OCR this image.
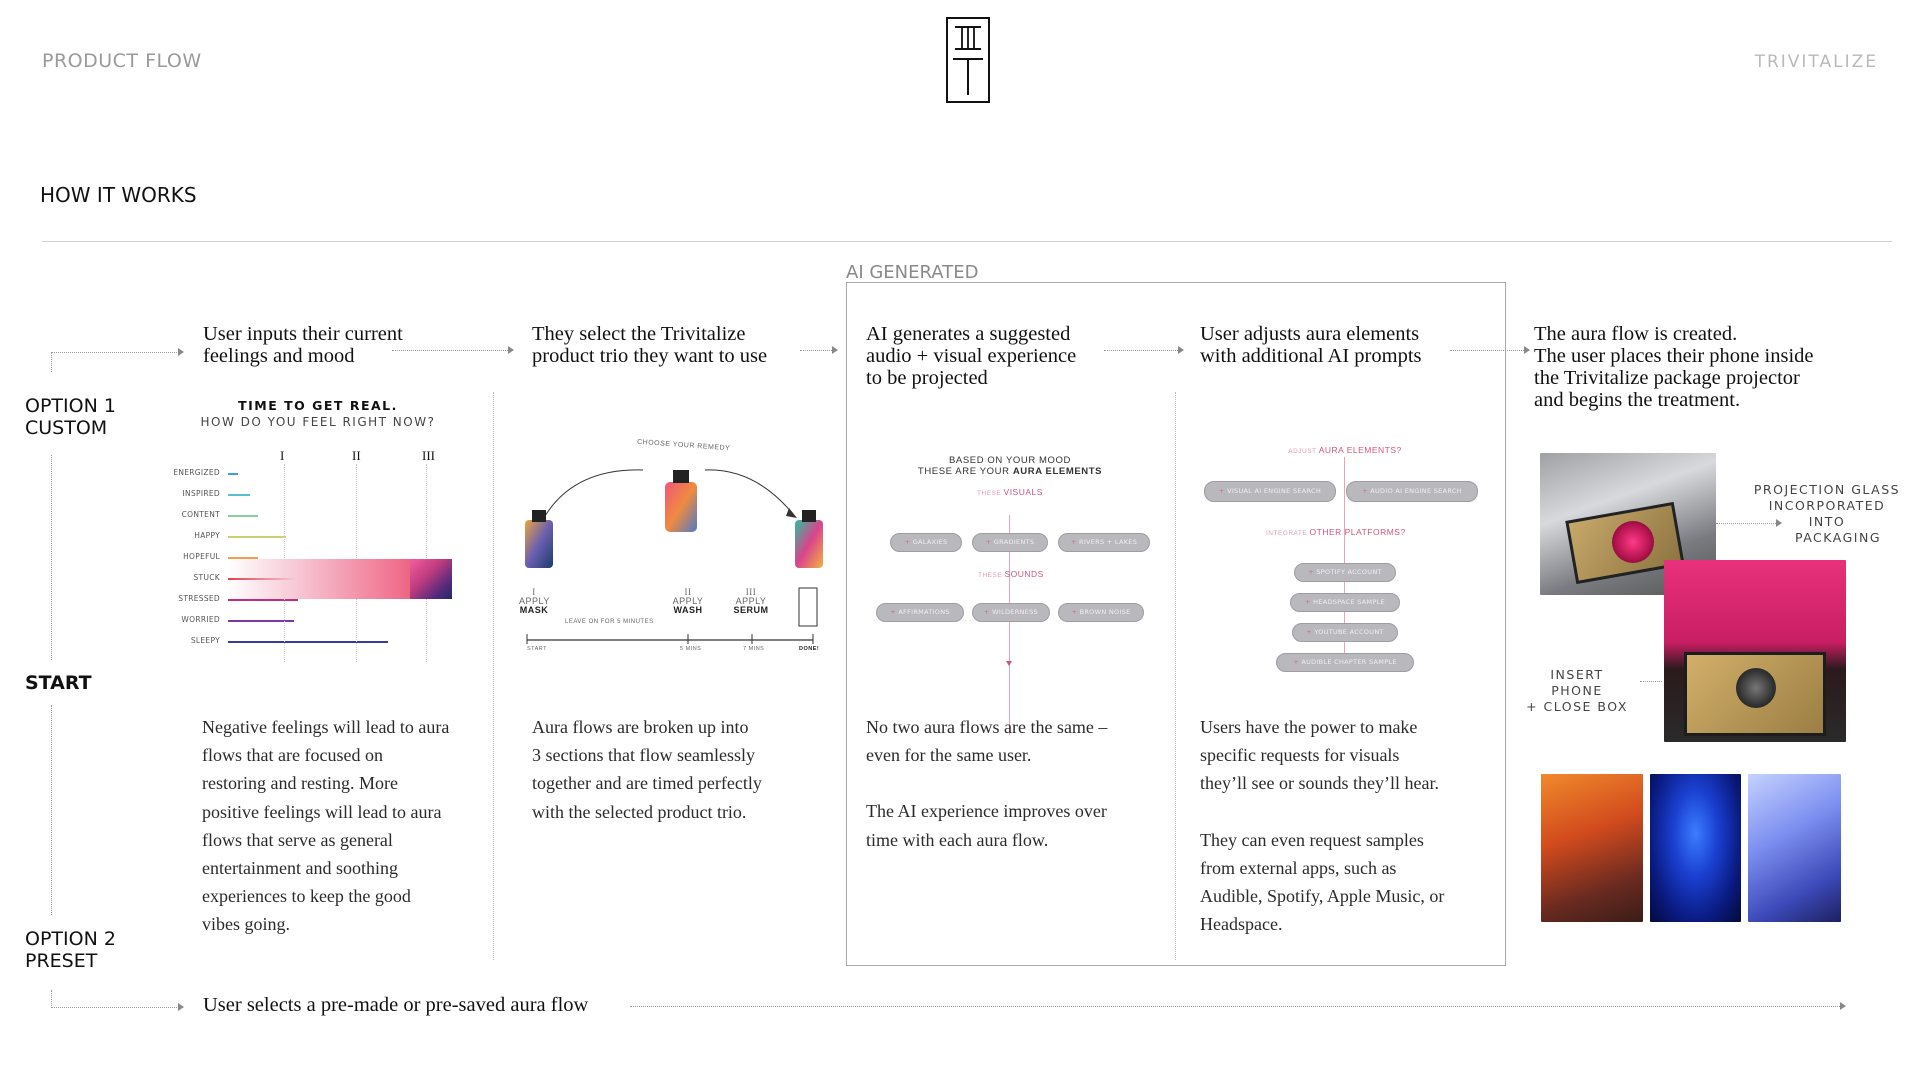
PRODUCT FLOW	TRIVITALIZE
HOW IT WORKS
AI GENERATED
OPTION 1
CUSTOM
START
OPTION 2
PRESET
User inputs their current
feelings and mood
They select the Trivitalize
product trio they want to use
AI generates a suggested
audio + visual experience
to be projected
User adjusts aura elements
with additional AI prompts
The aura flow is created.
The user places their phone inside
the Trivitalize package projector
and begins the treatment.
TIME TO GET REAL.
HOW DO YOU FEEL RIGHT NOW?
I	II	III
ENERGIZED
INSPIRED
CONTENT
HAPPY
HOPEFUL
STUCK
STRESSED
WORRIED
SLEEPY
CHOOSE YOUR REMEDY
I
APPLY
MASK
II
APPLY
WASH
III
APPLY
SERUM
LEAVE ON FOR 5 MINUTES
START	5 MINS	7 MINS	DONE!
BASED ON YOUR MOOD
THESE ARE YOUR AURA ELEMENTS
THESE VISUALS
+ GALAXIES	+ GRADIENTS	+ RIVERS + LAKES
THESE SOUNDS
+ AFFIRMATIONS	+ WILDERNESS	+ BROWN NOISE
ADJUST AURA ELEMENTS?
+ VISUAL AI ENGINE SEARCH	+ AUDIO AI ENGINE SEARCH
INTEGRATE OTHER PLATFORMS?
+ SPOTIFY ACCOUNT
+ HEADSPACE SAMPLE
+ YOUTUBE ACCOUNT
+ AUDIBLE CHAPTER SAMPLE
PROJECTION GLASS
INCORPORATED INTO
PACKAGING
INSERT PHONE
+ CLOSE BOX
Negative feelings will lead to aura
flows that are focused on
restoring and resting. More
positive feelings will lead to aura
flows that serve as general
entertainment and soothing
experiences to keep the good
vibes going.
Aura flows are broken up into
3 sections that flow seamlessly
together and are timed perfectly
with the selected product trio.
No two aura flows are the same –
even for the same user.
The AI experience improves over
time with each aura flow.
Users have the power to make
specific requests for visuals
they’ll see or sounds they’ll hear.
They can even request samples
from external apps, such as
Audible, Spotify, Apple Music, or
Headspace.
User selects a pre-made or pre-saved aura flow
